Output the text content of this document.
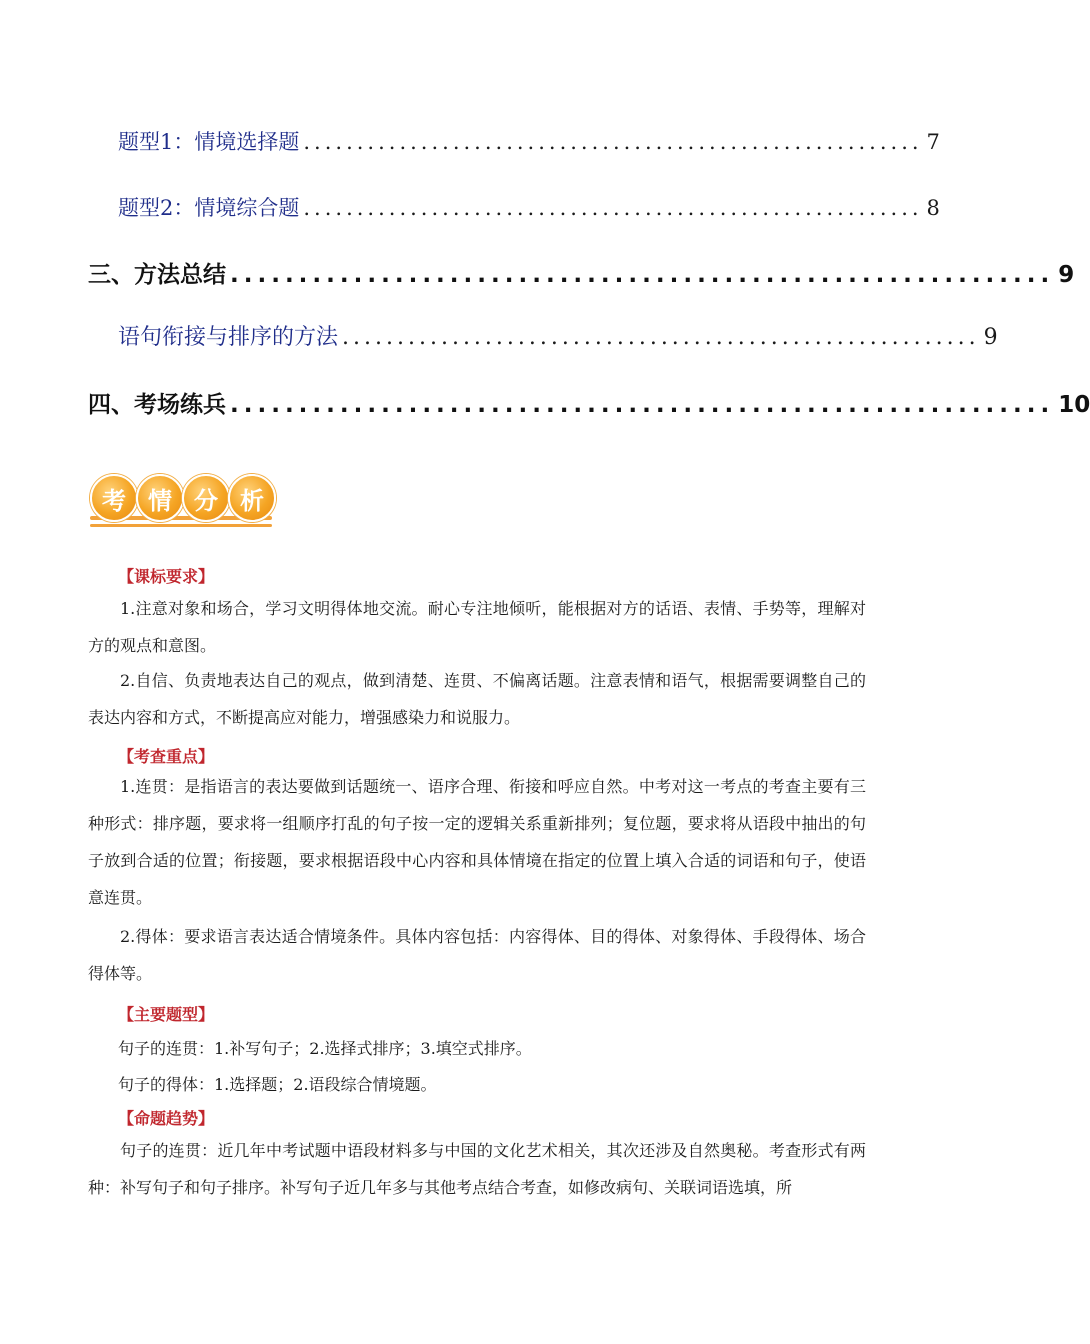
题型1：情境选择题 .......................................................... 7
题型2：情境综合题 .......................................................... 8
三、方法总结 ............................................................ 9
语句衔接与排序的方法 .......................................................... 9
四、考场练兵 ............................................................ 10
考 情 分 析
【课标要求】
1.注意对象和场合，学习文明得体地交流。耐心专注地倾听，能根据对方的话语、表情、手势等，理解对方的观点和意图。
2.自信、负责地表达自己的观点，做到清楚、连贯、不偏离话题。注意表情和语气，根据需要调整自己的表达内容和方式，不断提高应对能力，增强感染力和说服力。
【考查重点】
1.连贯：是指语言的表达要做到话题统一、语序合理、衔接和呼应自然。中考对这一考点的考查主要有三种形式：排序题，要求将一组顺序打乱的句子按一定的逻辑关系重新排列；复位题，要求将从语段中抽出的句子放到合适的位置；衔接题，要求根据语段中心内容和具体情境在指定的位置上填入合适的词语和句子，使语意连贯。
2.得体：要求语言表达适合情境条件。具体内容包括：内容得体、目的得体、对象得体、手段得体、场合得体等。
【主要题型】
句子的连贯：1.补写句子；2.选择式排序；3.填空式排序。
句子的得体：1.选择题；2.语段综合情境题。
【命题趋势】
句子的连贯：近几年中考试题中语段材料多与中国的文化艺术相关，其次还涉及自然奥秘。考查形式有两种：补写句子和句子排序。补写句子近几年多与其他考点结合考查，如修改病句、关联词语选填，所
